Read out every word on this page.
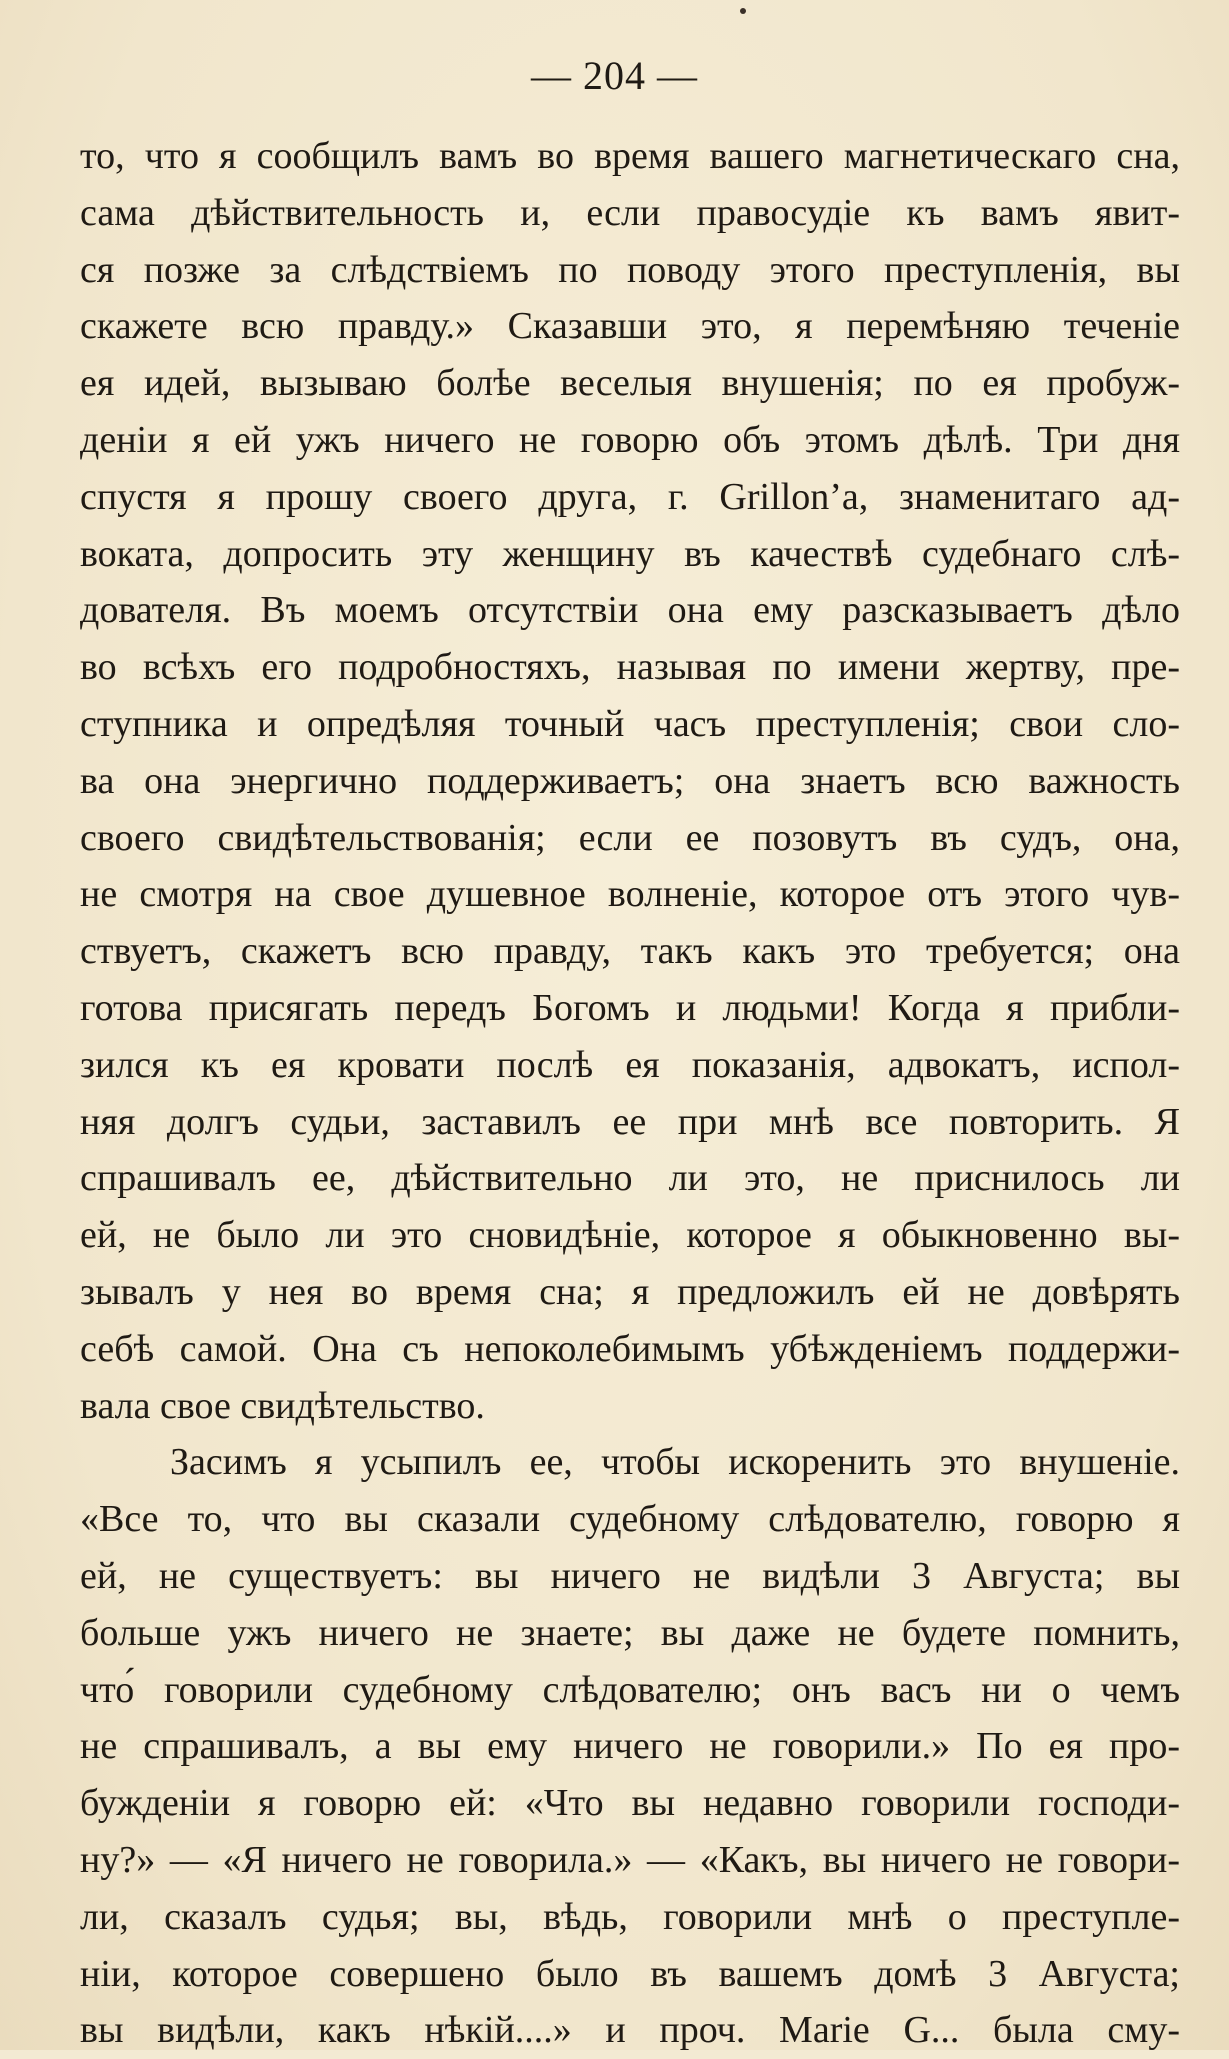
— 204 —
то, что я сообщилъ вамъ во время вашего магнетическаго сна,
сама дѣйствительность и, если правосудіе къ вамъ явит-
ся позже за слѣдствіемъ по поводу этого преступленія, вы
скажете всю правду.» Сказавши это, я перемѣняю теченіе
ея идей, вызываю болѣе веселыя внушенія; по ея пробуж-
деніи я ей ужъ ничего не говорю объ этомъ дѣлѣ. Три дня
спустя я прошу своего друга, г. Grillon’а, знаменитаго ад-
воката, допросить эту женщину въ качествѣ судебнаго слѣ-
дователя. Въ моемъ отсутствіи она ему разсказываетъ дѣло
во всѣхъ его подробностяхъ, называя по имени жертву, пре-
ступника и опредѣляя точный часъ преступленія; свои сло-
ва она энергично поддерживаетъ; она знаетъ всю важность
своего свидѣтельствованія; если ее позовутъ въ судъ, она,
не смотря на свое душевное волненіе, которое отъ этого чув-
ствуетъ, скажетъ всю правду, такъ какъ это требуется; она
готова присягать передъ Богомъ и людьми! Когда я прибли-
зился къ ея кровати послѣ ея показанія, адвокатъ, испол-
няя долгъ судьи, заставилъ ее при мнѣ все повторить. Я
спрашивалъ ее, дѣйствительно ли это, не приснилось ли
ей, не было ли это сновидѣніе, которое я обыкновенно вы-
зывалъ у нея во время сна; я предложилъ ей не довѣрять
себѣ самой. Она съ непоколебимымъ убѣжденіемъ поддержи-
вала свое свидѣтельство.
Засимъ я усыпилъ ее, чтобы искоренить это внушеніе.
«Все то, что вы сказали судебному слѣдователю, говорю я
ей, не существуетъ: вы ничего не видѣли 3 Августа; вы
больше ужъ ничего не знаете; вы даже не будете помнить,
что́ говорили судебному слѣдователю; онъ васъ ни о чемъ
не спрашивалъ, а вы ему ничего не говорили.» По ея про-
бужденіи я говорю ей: «Что вы недавно говорили господи-
ну?» — «Я ничего не говорила.» — «Какъ, вы ничего не говори-
ли, сказалъ судья; вы, вѣдь, говорили мнѣ о преступле-
ніи, которое совершено было въ вашемъ домѣ 3 Августа;
вы видѣли, какъ нѣкій....» и проч. Marie G... была сму-
